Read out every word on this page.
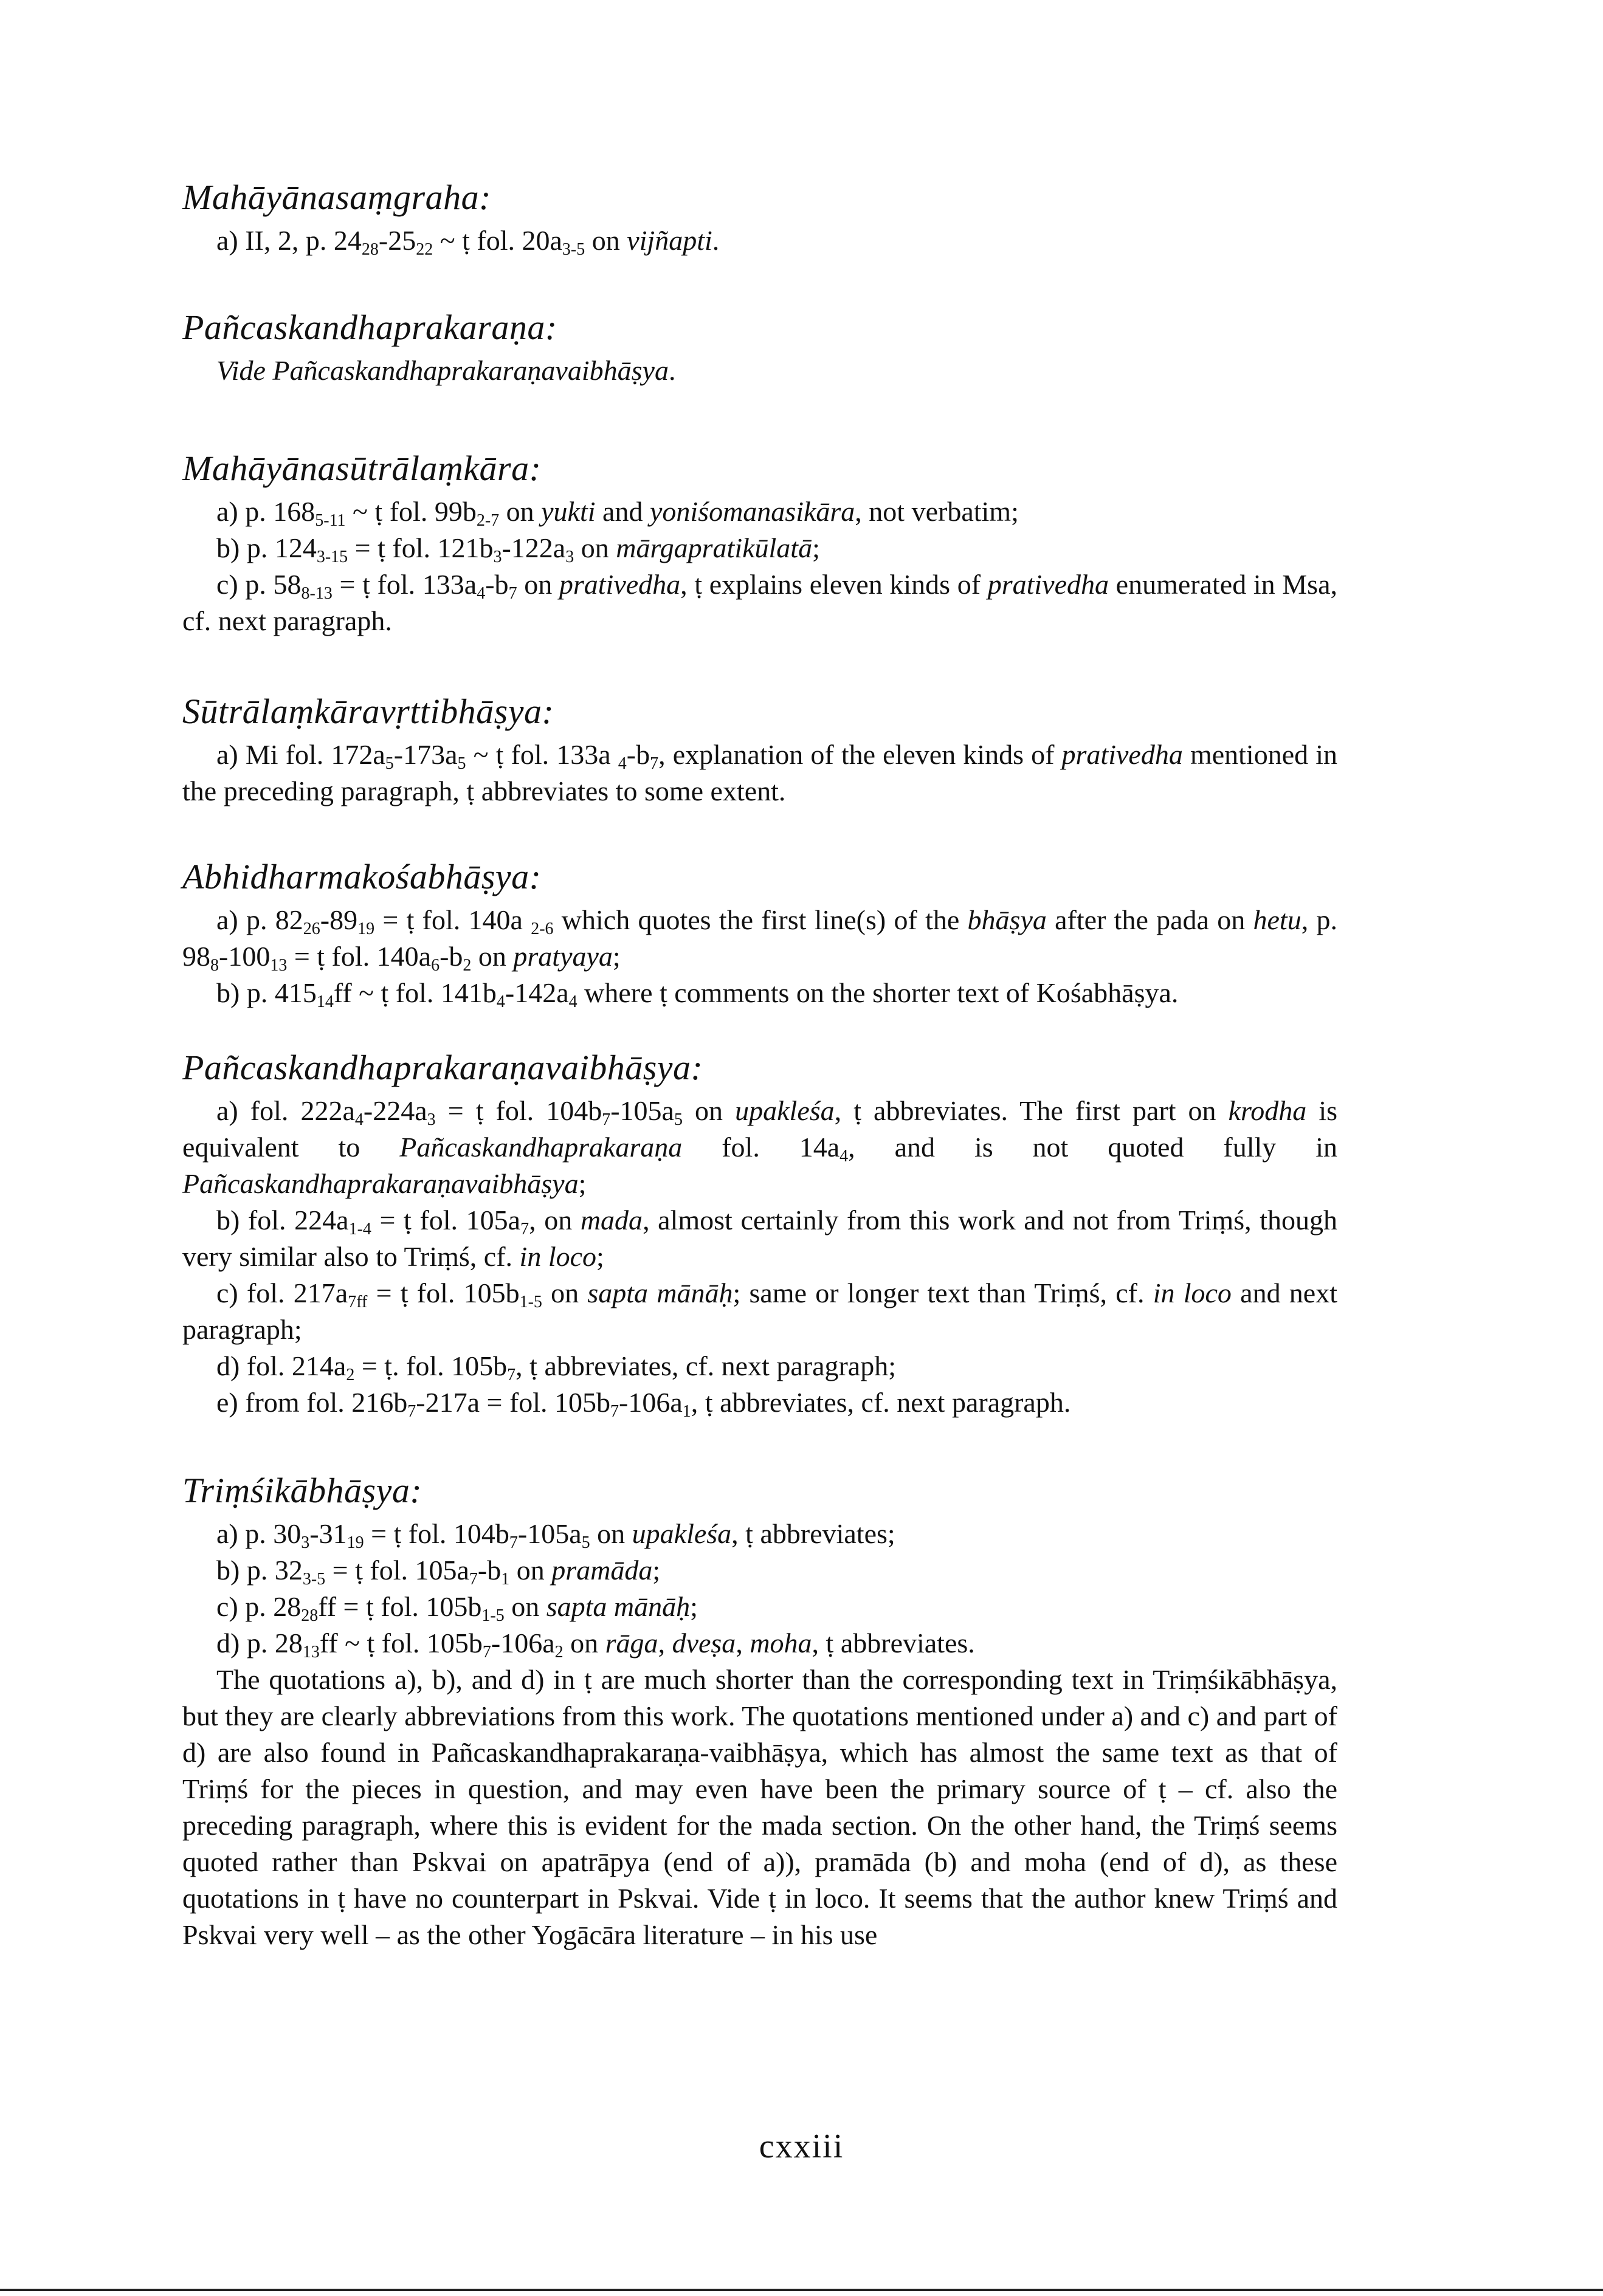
Mahāyānasaṃgraha:

a) II, 2, p. $24_{28}-25_{22}$ ~ ṭ fol. $20a_{3-5}$ on vijñapti.

Pañcaskandhaprakaraṇa:

Vide Pañcaskandhaprakaraṇavaibhāṣya.

Mahāyānasūtrālaṃkāra:

a) p. $168_{5-11}$ ~ ṭ fol. $99b_{2-7}$ on yukti and yoniśomanasikāra, not verbatim;

b) p. $124_{3-15}$ = ṭ fol. $121b_3-122a_3$ on mārgapratikūlatā;

c) p. $58_{8-13}$ = ṭ fol. $133a_4-b_7$ on prativedha, ṭ explains eleven kinds of prativedha enumerated in Msa, cf. next paragraph.

Sūtrālaṃkāravṛttibhāṣya:

a) Mi fol. $172a_5-173a_5$ ~ ṭ fol. 133a $_4-b_7$, explanation of the eleven kinds of prativedha mentioned in the preceding paragraph, ṭ abbreviates to some extent.

Abhidharmakośabhāṣya:

a) p. $82_{26}-89_{19}$ = ṭ fol. 140a $_{2-6}$ which quotes the first line(s) of the bhāṣya after the pada on hetu, p. $98_8-100_{13}$ = ṭ fol. $140a_6-b_2$ on pratyaya;

b) p. $415_{14}ff$ ~ ṭ fol. $141b_4-142a_4$ where ṭ comments on the shorter text of Kośabhāṣya.

Pañcaskandhaprakaraṇavaibhāṣya:

a) fol. $222a_4-224a_3$ = ṭ fol. $104b_7-105a_5$ on upakleśa, ṭ abbreviates. The first part on krodha is equivalent to Pañcaskandhaprakaraṇa fol. $14a_4$, and is not quoted fully in Pañcaskandhaprakaraṇavaibhāṣya;

b) fol. $224a_{1-4}$ = ṭ fol. $105a_7$, on mada, almost certainly from this work and not from Triṃś, though very similar also to Triṃś, cf. in loco;

c) fol. $217a_{7ff}$ = ṭ fol. $105b_{1-5}$ on sapta mānāḥ; same or longer text than Triṃś, cf. in loco and next paragraph;

d) fol. $214a_2$ = ṭ. fol. $105b_7$, ṭ abbreviates, cf. next paragraph;

e) from fol. $216b_7-217a$ = fol. $105b_7-106a_1$, ṭ abbreviates, cf. next paragraph.

Triṃśikābhāṣya:

a) p. $30_3-31_{19}$ = ṭ fol. $104b_7-105a_5$ on upakleśa, ṭ abbreviates;

b) p. $32_{3-5}$ = ṭ fol. $105a_7-b_1$ on pramāda;

c) p. $28_{28}ff$ = ṭ fol. $105b_{1-5}$ on sapta mānāḥ;

d) p. $28_{13}ff$ ~ ṭ fol. $105b_7-106a_2$ on rāga, dveṣa, moha, ṭ abbreviates.

The quotations a), b), and d) in ṭ are much shorter than the corresponding text in Triṃśikābhāṣya, but they are clearly abbreviations from this work. The quotations mentioned under a) and c) and part of d) are also found in Pañcaskandhaprakaraṇa-vaibhāṣya, which has almost the same text as that of Triṃś for the pieces in question, and may even have been the primary source of ṭ – cf. also the preceding paragraph, where this is evident for the mada section. On the other hand, the Triṃś seems quoted rather than Pskvai on apatrāpya (end of a)), pramāda (b) and moha (end of d), as these quotations in ṭ have no counterpart in Pskvai. Vide ṭ in loco. It seems that the author knew Triṃś and Pskvai very well – as the other Yogācāra literature – in his use

cxxiii
